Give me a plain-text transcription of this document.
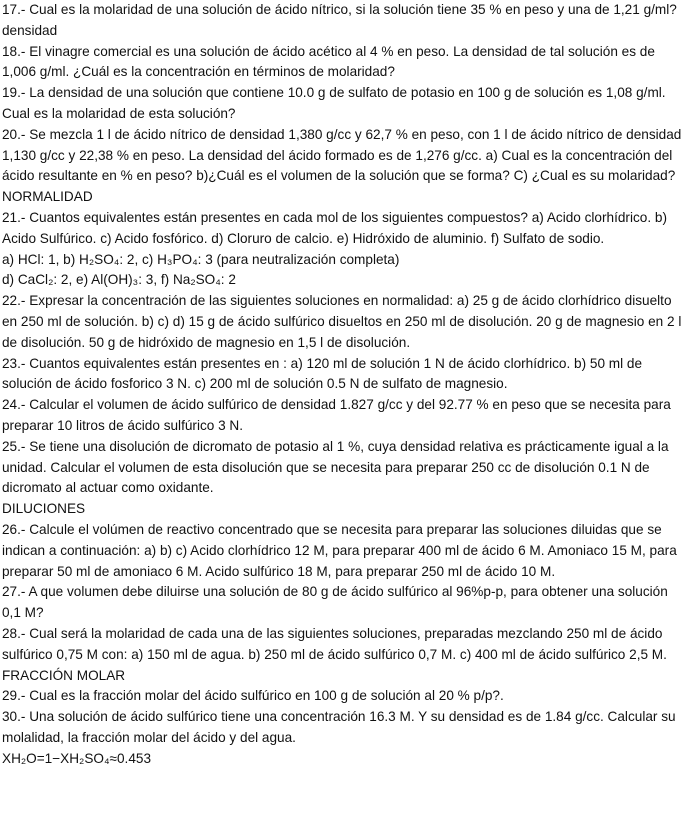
17.- Cual es la molaridad de una solución de ácido nítrico, si la solución tiene 35 % en peso y una de 1,21 g/ml? densidad

18.- El vinagre comercial es una solución de ácido acético al 4 % en peso. La densidad de tal solución es de 1,006 g/ml. ¿Cuál es la concentración en términos de molaridad?

19.- La densidad de una solución que contiene 10.0 g de sulfato de potasio en 100 g de solución es 1,08 g/ml. Cual es la molaridad de esta solución?

20.- Se mezcla 1 l de ácido nítrico de densidad 1,380 g/cc y 62,7 % en peso, con 1 l de ácido nítrico de densidad 1,130 g/cc y 22,38 % en peso. La densidad del ácido formado es de 1,276 g/cc. a) Cual es la concentración del ácido resultante en % en peso? b)¿Cuál es el volumen de la solución que se forma? C) ¿Cual es su molaridad?

NORMALIDAD

21.- Cuantos equivalentes están presentes en cada mol de los siguientes compuestos? a) Acido clorhídrico. b) Acido Sulfúrico. c) Acido fosfórico. d) Cloruro de calcio. e) Hidróxido de aluminio. f) Sulfato de sodio.

a) HCl: 1, b) H₂SO₄: 2, c) H₃PO₄: 3 (para neutralización completa)

d) CaCl₂: 2, e) Al(OH)₃: 3, f) Na₂SO₄: 2

22.- Expresar la concentración de las siguientes soluciones en normalidad: a) 25 g de ácido clorhídrico disuelto en 250 ml de solución. b) c) d) 15 g de ácido sulfúrico disueltos en 250 ml de disolución. 20 g de magnesio en 2 l de disolución. 50 g de hidróxido de magnesio en 1,5 l de disolución.

23.- Cuantos equivalentes están presentes en : a) 120 ml de solución 1 N de ácido clorhídrico. b) 50 ml de solución de ácido fosforico 3 N. c) 200 ml de solución 0.5 N de sulfato de magnesio.

24.- Calcular el volumen de ácido sulfúrico de densidad 1.827 g/cc y del 92.77 % en peso que se necesita para preparar 10 litros de ácido sulfúrico 3 N.

25.- Se tiene una disolución de dicromato de potasio al 1 %, cuya densidad relativa es prácticamente igual a la unidad. Calcular el volumen de esta disolución que se necesita para preparar 250 cc de disolución 0.1 N de dicromato al actuar como oxidante.

DILUCIONES

26.- Calcule el volúmen de reactivo concentrado que se necesita para preparar las soluciones diluidas que se indican a continuación: a) b) c) Acido clorhídrico 12 M, para preparar 400 ml de ácido 6 M. Amoniaco 15 M, para preparar 50 ml de amoniaco 6 M. Acido sulfúrico 18 M, para preparar 250 ml de ácido 10 M.

27.- A que volumen debe diluirse una solución de 80 g de ácido sulfúrico al 96%p-p, para obtener una solución 0,1 M?

28.- Cual será la molaridad de cada una de las siguientes soluciones, preparadas mezclando 250 ml de ácido sulfúrico 0,75 M con: a) 150 ml de agua. b) 250 ml de ácido sulfúrico 0,7 M. c) 400 ml de ácido sulfúrico 2,5 M.

FRACCIÓN MOLAR

29.- Cual es la fracción molar del ácido sulfúrico en 100 g de solución al 20 % p/p?.

30.- Una solución de ácido sulfúrico tiene una concentración 16.3 M. Y su densidad es de 1.84 g/cc. Calcular su molalidad, la fracción molar del ácido y del agua.

XH₂O=1−XH₂SO₄≈0.453
